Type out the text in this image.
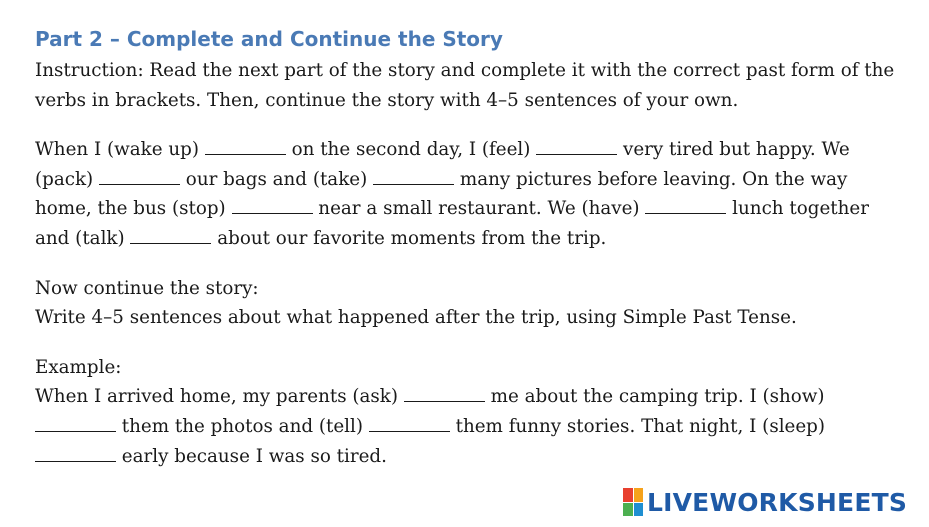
Part 2 – Complete and Continue the Story

Instruction: Read the next part of the story and complete it with the correct past form of the
verbs in brackets. Then, continue the story with 4–5 sentences of your own.

When I (wake up)	on the second day, I (feel)	very tired but happy. We
(pack)	our bags and (take)	many pictures before leaving. On the way
home, the bus (stop)	near a small restaurant. We (have)	lunch together
and (talk)	about our favorite moments from the trip.

Now continue the story:
Write 4–5 sentences about what happened after the trip, using Simple Past Tense.

Example:
When I arrived home, my parents (ask)	me about the camping trip. I (show)
them the photos and (tell)	them funny stories. That night, I (sleep)
early because I was so tired.

LIVEWORKSHEETS
